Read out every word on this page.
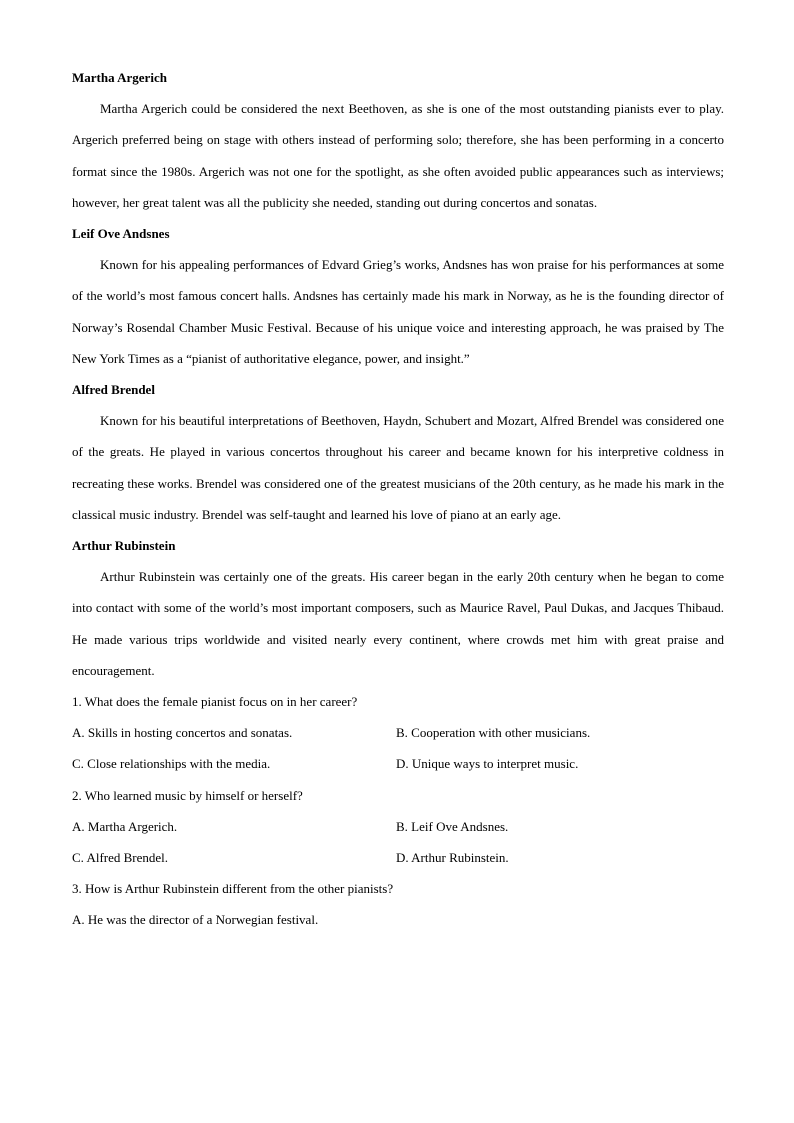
Martha Argerich

Martha Argerich could be considered the next Beethoven, as she is one of the most outstanding pianists ever to play. Argerich preferred being on stage with others instead of performing solo; therefore, she has been performing in a concerto format since the 1980s. Argerich was not one for the spotlight, as she often avoided public appearances such as interviews; however, her great talent was all the publicity she needed, standing out during concertos and sonatas.

Leif Ove Andsnes

Known for his appealing performances of Edvard Grieg’s works, Andsnes has won praise for his performances at some of the world’s most famous concert halls. Andsnes has certainly made his mark in Norway, as he is the founding director of Norway’s Rosendal Chamber Music Festival. Because of his unique voice and interesting approach, he was praised by The New York Times as a “pianist of authoritative elegance, power, and insight.”

Alfred Brendel

Known for his beautiful interpretations of Beethoven, Haydn, Schubert and Mozart, Alfred Brendel was considered one of the greats. He played in various concertos throughout his career and became known for his interpretive coldness in recreating these works. Brendel was considered one of the greatest musicians of the 20th century, as he made his mark in the classical music industry. Brendel was self-taught and learned his love of piano at an early age.

Arthur Rubinstein

Arthur Rubinstein was certainly one of the greats. His career began in the early 20th century when he began to come into contact with some of the world’s most important composers, such as Maurice Ravel, Paul Dukas, and Jacques Thibaud. He made various trips worldwide and visited nearly every continent, where crowds met him with great praise and encouragement.

1. What does the female pianist focus on in her career?
A. Skills in hosting concertos and sonatas.	B. Cooperation with other musicians.
C. Close relationships with the media.	D. Unique ways to interpret music.
2. Who learned music by himself or herself?
A. Martha Argerich.	B. Leif Ove Andsnes.
C. Alfred Brendel.	D. Arthur Rubinstein.
3. How is Arthur Rubinstein different from the other pianists?
A. He was the director of a Norwegian festival.
